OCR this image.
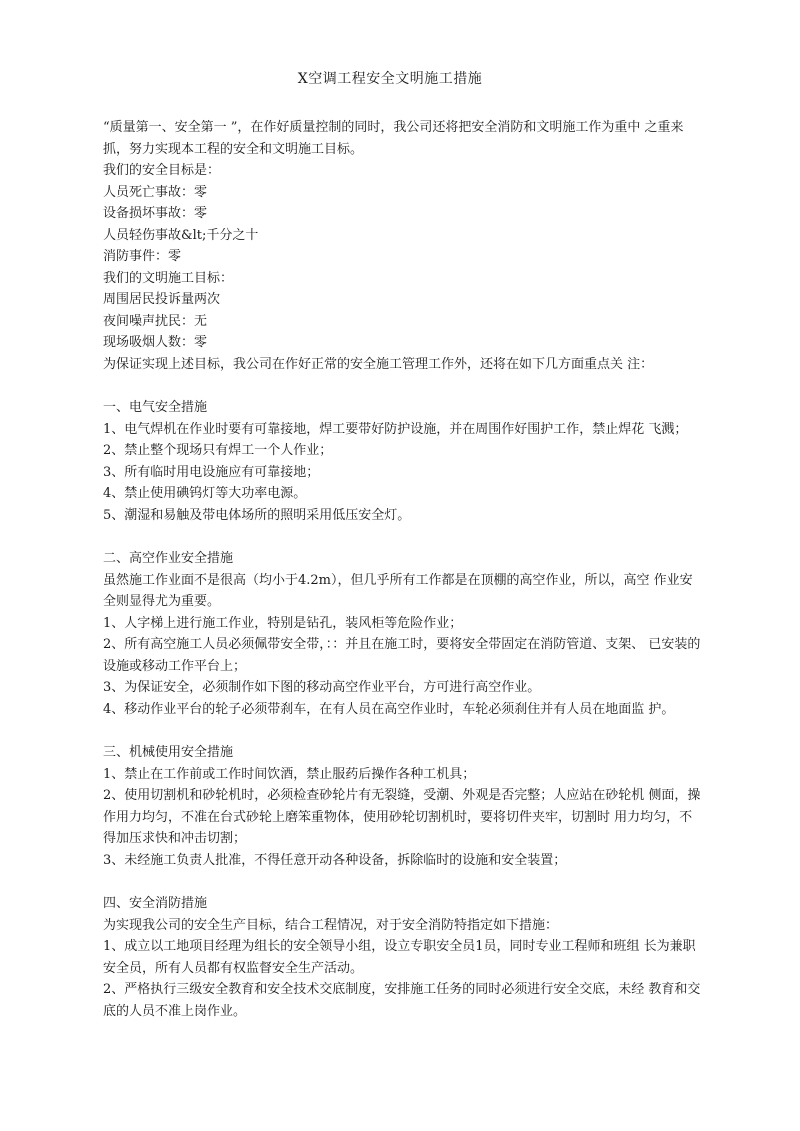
X空调工程安全文明施工措施
“质量第一、安全第一 ”，在作好质量控制的同时，我公司还将把安全消防和文明施工作为重中 之重来抓，努力实现本工程的安全和文明施工目标。
我们的安全目标是：
人员死亡事故：零
设备损坏事故：零
人员轻伤事故&lt;千分之十
消防事件：零
我们的文明施工目标：
周围居民投诉量两次
夜间噪声扰民：无
现场吸烟人数：零
为保证实现上述目标，我公司在作好正常的安全施工管理工作外，还将在如下几方面重点关 注：
一、电气安全措施
1、电气焊机在作业时要有可靠接地，焊工要带好防护设施，并在周围作好围护工作，禁止焊花 飞溅；
2、禁止整个现场只有焊工一个人作业；
3、所有临时用电设施应有可靠接地；
4、禁止使用碘钨灯等大功率电源。
5、潮湿和易触及带电体场所的照明采用低压安全灯。
二、高空作业安全措施
虽然施工作业面不是很高（均小于4.2m），但几乎所有工作都是在顶棚的高空作业，所以，高空 作业安全则显得尤为重要。
1、人字梯上进行施工作业，特别是钻孔，装风柜等危险作业；
2、所有高空施工人员必须佩带安全带，：：并且在施工时，要将安全带固定在消防管道、支架、 已安装的设施或移动工作平台上；
3、为保证安全，必须制作如下图的移动高空作业平台，方可进行高空作业。
4、移动作业平台的轮子必须带刹车，在有人员在高空作业时，车轮必须刹住并有人员在地面监 护。
三、机械使用安全措施
1、禁止在工作前或工作时间饮酒，禁止服药后操作各种工机具；
2、使用切割机和砂轮机时，必须检查砂轮片有无裂缝，受潮、外观是否完整；人应站在砂轮机 侧面，操作用力均匀，不准在台式砂轮上磨笨重物体，使用砂轮切割机时，要将切件夹牢，切割时 用力均匀，不得加压求快和冲击切割；
3、未经施工负责人批准，不得任意开动各种设备，拆除临时的设施和安全装置；
四、安全消防措施
为实现我公司的安全生产目标，结合工程情况，对于安全消防特指定如下措施：
1、成立以工地项目经理为组长的安全领导小组，设立专职安全员1员，同时专业工程师和班组 长为兼职安全员，所有人员都有权监督安全生产活动。
2、严格执行三级安全教育和安全技术交底制度，安排施工任务的同时必须进行安全交底，未经 教育和交底的人员不准上岗作业。
